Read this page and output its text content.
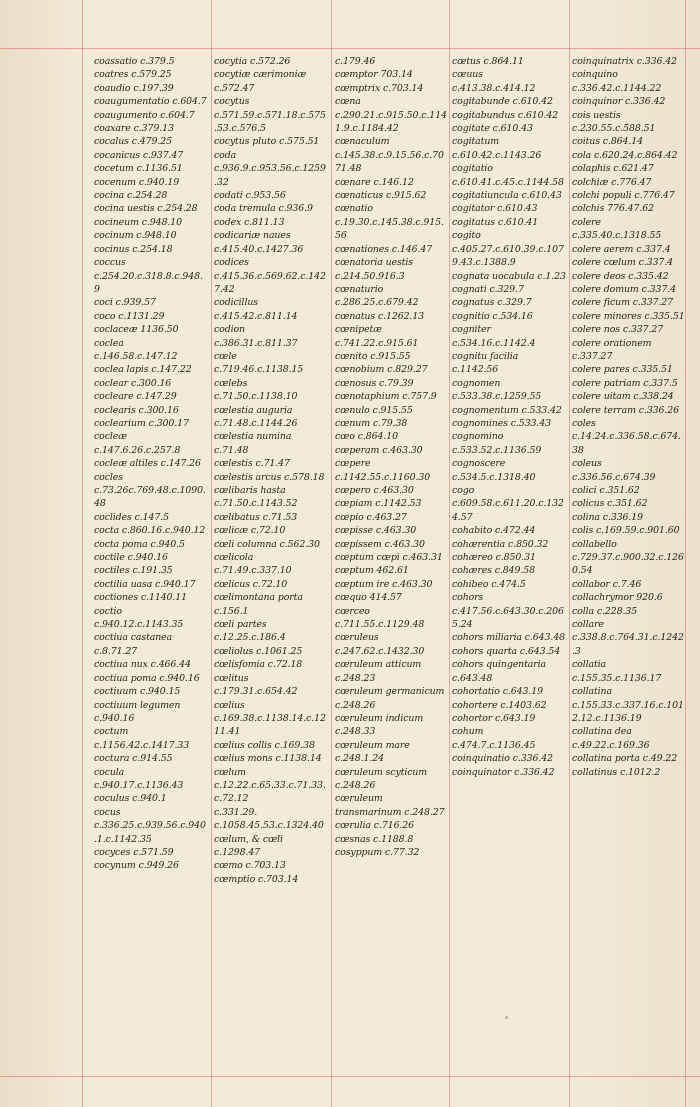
coassatio c.379.5

coatres c.579.25

coaudio c.197.39

coaugumentatio c.604.7

coaugumento c.604.7

coaxare c.379.13

cocalus c.479.25

cocanicus c.937.47

cocetum c.1136.51

cocenum c.940.19

cocina c.254.28

cocina uestis c.254.28

cocineum c.948.10

cocinum c.948.10

cocinus c.254.18

coccus c.254.20.c.318.8.c.948.9

coci c.939.57

coco c.1131.29

coclaceæ 1136.50

coclea c.146.58.c.147.12

coclea lapis c.147.22

coclear c.300.16

cocleare c.147.29

coclearis c.300.16

coclearium c.300.17

cocleæ c.147.6.26.c.257.8

cocleæ altiles c.147.26

cocles c.73.26c.769.48.c.1090.48

coclides c.147.5

cocta c.860.16.c.940.12

cocta poma c.940.5

coctile c.940.16

coctiles c.191.35

coctilia uasa c.940.17

coctiones c.1140.11

coctio c.940.12.c.1143.35

coctiua castanea c.8.71.27

coctiua nux c.466.44

coctiua poma c.940.16

coctiuum c.940.15

coctiuum legumen c.940.16

coctum c.1156.42.c.1417.33

coctura c.914.55

cocula c.940.17.c.1136.43

coculus c.940.1

cocus c.336.25.c.939.56.c.940.1.c.1142.35

cocyces c.571.59

cocynum c.949.26

cocytia c.572.26

cocytiæ cærimoniæ c.572.47

cocytus c.571.59.c.571.18.c.575.53.c.576.5

cocytus pluto c.575.51

coda c.936.9.c.953.56.c.1259.32

codati c.953.56

coda tremula c.936.9

codex c.811.13

codicariæ naues c.415.40.c.1427.36

codices c.415.36.c.569.62.c.1427.42

codicillus c.415.42.c.811.14

codion c.386.31.c.811.37

cœle c.719.46.c.1138.15

cœlebs c.71.50.c.1138.10

cœlestia auguria c.71.48.c.1144.26

cœlestia numina c.71.48

cœlestis c.71.47

cœlestis arcus c.578.18

cœlibaris hasta c.71.50.c.1143.52

cœlibatus c.71.53

cœlicæ c.72.10

cœli columna c.562.30

cœlicola c.71.49.c.337.10

cœlicus c.72.10

cœlimontana porta c.156.1

cœli partes c.12.25.c.186.4

cœliolus c.1061.25

cœlisfomia c.72.18

cœlitus c.179.31.c.654.42

cœlius c.169.38.c.1138.14.c.1211.41

cœlius collis c.169.38

cœlius mons c.1138.14

cœlum c.12.22.c.65.33.c.71.33.c.72.12

c.331.29. c.1058.45.53.c.1324.40

cœlum, & cœli c.1298.47

cœmo c.703.13

cœmptio c.703.14

c.179.46

cœmptor 703.14

cœmptrix c.703.14

cœna c.290.21.c.915.50.c.1141.9.c.1184.42

cœnaculum c.145.38.c.9.15.56.c.7071.48

cœnare c.146.12

cœnaticus c.915.62

cœnatio c.19.30.c.145.38.c.915.56

cœnationes c.146.47

cœnatoria uestis c.214.50.916.3

cœnaturio c.286.25.c.679.42

cœnatus c.1262.13

cœnipetæ c.741.22.c.915.61

cœnito c.915.55

cœnobium c.829.27

cœnosus c.79.39

cœnotaphium c.757.9

cœnulo c.915.55

cœnum c.79.38

cœo c.864.10

cœperam c.463.30

cœpere c.1142.55.c.1160.30

cœpero c.463.30

cœpiam c.1142.53

cœpio c.463.27

cœpisse c.463.30

cœpissem c.463.30

cœptum cœpi c.463.31

cœptum 462.61

cœptum ire c.463.30

cœquo 414.57

cœrceo c.711.55.c.1129.48

cœruleus c.247.62.c.1432.30

cœruleum atticum c.248.23

cœruleum germanicum c.248.26

cœruleum indicum c.248.33

cœruleum mare c.248.1.24

cœruleum scyticum c.248.26

cœruleum transmarinum c.248.27

cœrulia c.716.26

cœsnas c.1188.8

cosyppum c.77.32

cœtus c.864.11

cœuus c.413.38.c.414.12

cogitabunde c.610.42

cogitabundus c.610.42

cogitate c.610.43

cogitatum c.610.42.c.1143.26

cogitatio c.610.41.c.45.c.1144.58

cogitatiuncula c.610.43

cogitator c.610.43

cogitatus c.610.41

cogito c.405.27.c.610.39.c.1079.43.c.1388.9

cognata uocabula c.1.23

cognati c.329.7

cognatus c.329.7

cognitio c.534.16

cogniter c.534.16.c.1142.4

cognitu facilia c.1142.56

cognomen c.533.38.c.1259.55

cognomentum c.533.42

cognomines c.533.43

cognomino c.533.52.c.1136.59

cognoscere c.534.5.c.1318.40

cogo c.609.58.c.611.20.c.1324.57

cohabito c.472.44

cohærentia c.850.32

cohæreo c.850.31

cohæres c.849.58

cohibeo c.474.5

cohors c.417.56.c.643.30.c.2065.24

cohors miliaria c.643.48

cohors quarta c.643.54

cohors quingentaria c.643.48

cohortatio c.643.19

cohortere c.1403.62

cohortor c.643.19

cohum c.474.7.c.1136.45

coinquinatio c.336.42

coinquinator c.336.42

coinquinatrix c.336.42

coinquino c.336.42.c.1144.22

coinquinor c.336.42

cois uestis c.230.55.c.588.51

coitus c.864.14

cola c.620.24.c.864.42

colaphis c.621.47

colchiæ c.776.47

colchi populi c.776.47

colchis 776.47.62

colere c.335.40.c.1318.55

colere aerem c.337.4

colere cœlum c.337.4

colere deos c.335.42

colere domum c.337.4

colere ficum c.337.27

colere minores c.335.51

colere nos c.337.27

colere orationem c.337.27

colere pares c.335.51

colere patriam c.337.5

colere uitam c.338.24

colere terram c.336.26

coles c.14.24.c.336.58.c.674.38

coleus c.336.56.c.674.39

colici c.351.62

colicus c.351.62

colina c.336.19

colis c.169.59.c.901.60

collabello c.729.37.c.900.32.c.1260.54

collabor c.7.46

collachrymor 920.6

colla c.228.35

collare c.338.8.c.764.31.c.1242.3

collatia c.155.35.c.1136.17

collatina c.155.33.c.337.16.c.1012.12.c.1136.19

collatina dea c.49.22.c.169.36

collatina porta c.49.22

collatinus c.1012.2
